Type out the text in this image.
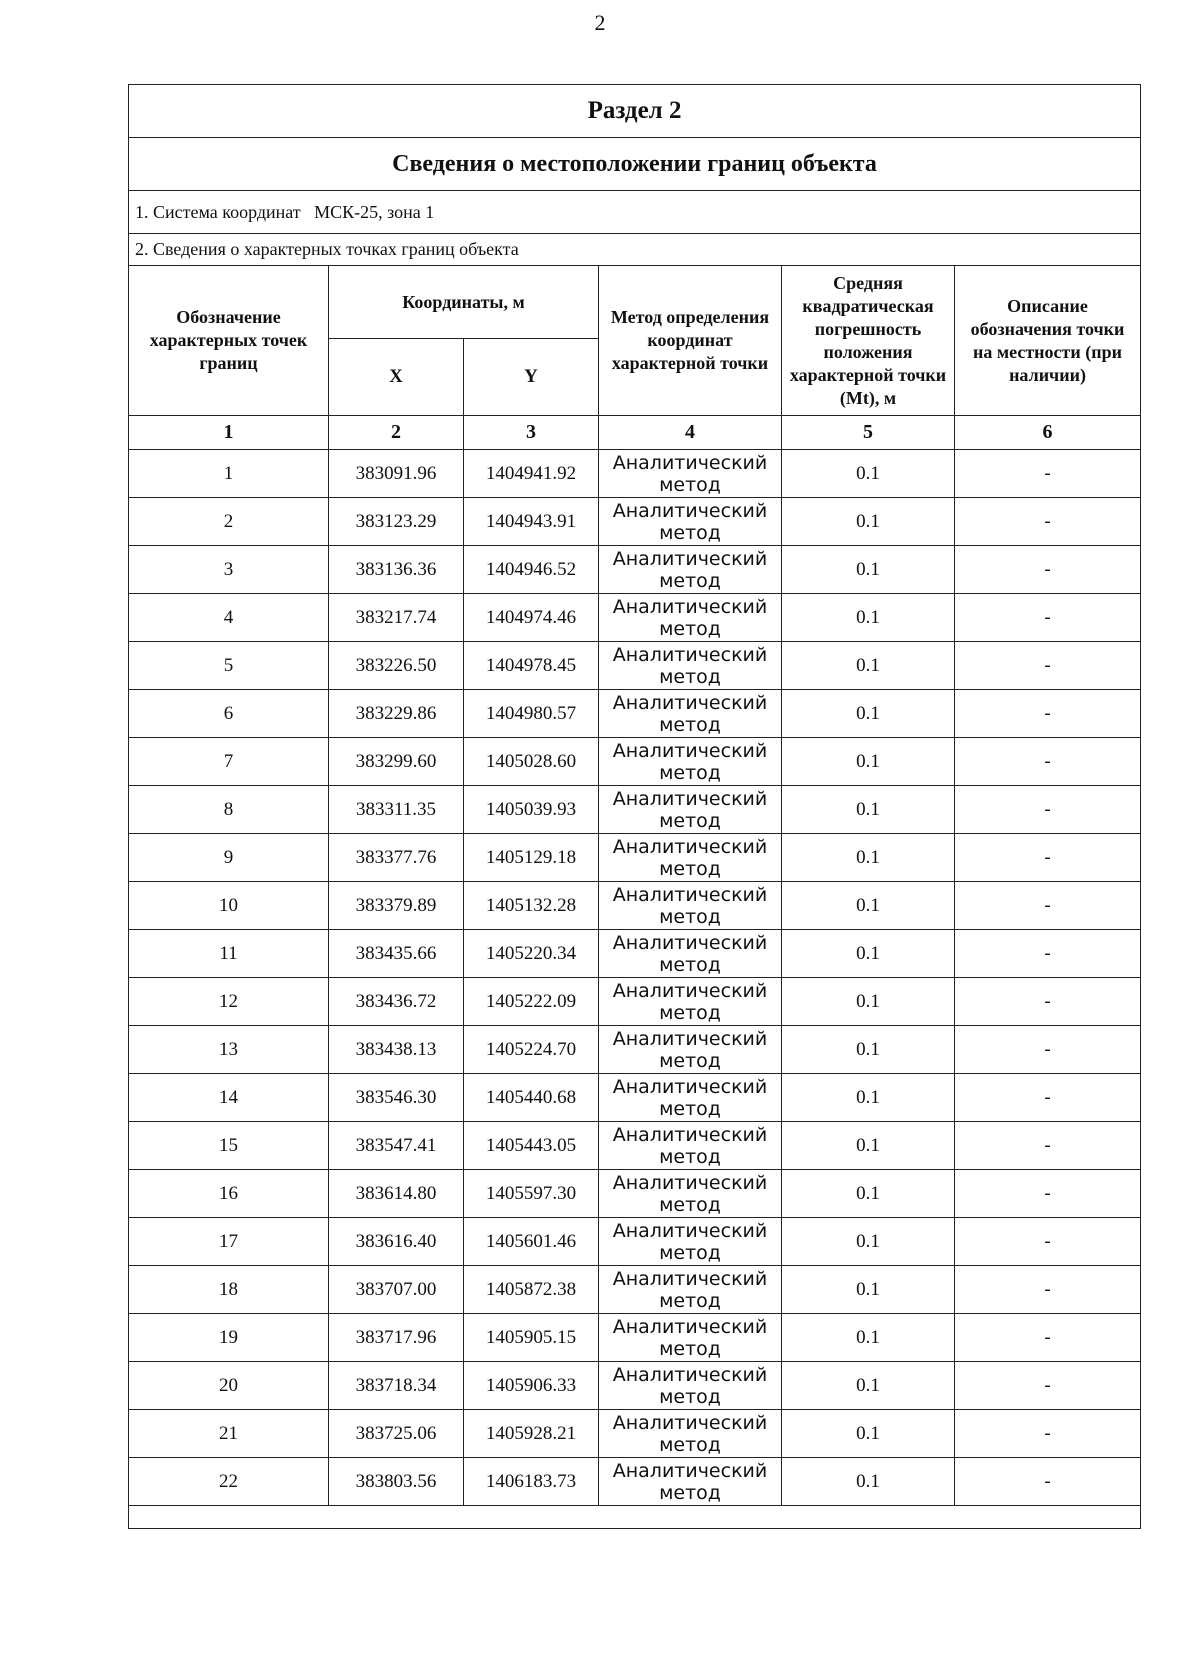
2
Раздел 2					
Сведения о местоположении границ объекта					
1. Система координат МСК-25, зона 1					
2. Сведения о характерных точках границ объекта					
Обозначение характерных точек границ	Координаты, м		Метод определения координат характерной точки	Средняя квадратическая погрешность положения характерной точки (Mt), м	Описание обозначения точки на местности (при наличии)
	X	Y			
1	2	3	4	5	6
1	383091.96	1404941.92	Аналитический метод	0.1	-
2	383123.29	1404943.91	Аналитический метод	0.1	-
3	383136.36	1404946.52	Аналитический метод	0.1	-
4	383217.74	1404974.46	Аналитический метод	0.1	-
5	383226.50	1404978.45	Аналитический метод	0.1	-
6	383229.86	1404980.57	Аналитический метод	0.1	-
7	383299.60	1405028.60	Аналитический метод	0.1	-
8	383311.35	1405039.93	Аналитический метод	0.1	-
9	383377.76	1405129.18	Аналитический метод	0.1	-
10	383379.89	1405132.28	Аналитический метод	0.1	-
11	383435.66	1405220.34	Аналитический метод	0.1	-
12	383436.72	1405222.09	Аналитический метод	0.1	-
13	383438.13	1405224.70	Аналитический метод	0.1	-
14	383546.30	1405440.68	Аналитический метод	0.1	-
15	383547.41	1405443.05	Аналитический метод	0.1	-
16	383614.80	1405597.30	Аналитический метод	0.1	-
17	383616.40	1405601.46	Аналитический метод	0.1	-
18	383707.00	1405872.38	Аналитический метод	0.1	-
19	383717.96	1405905.15	Аналитический метод	0.1	-
20	383718.34	1405906.33	Аналитический метод	0.1	-
21	383725.06	1405928.21	Аналитический метод	0.1	-
22	383803.56	1406183.73	Аналитический метод	0.1	-
